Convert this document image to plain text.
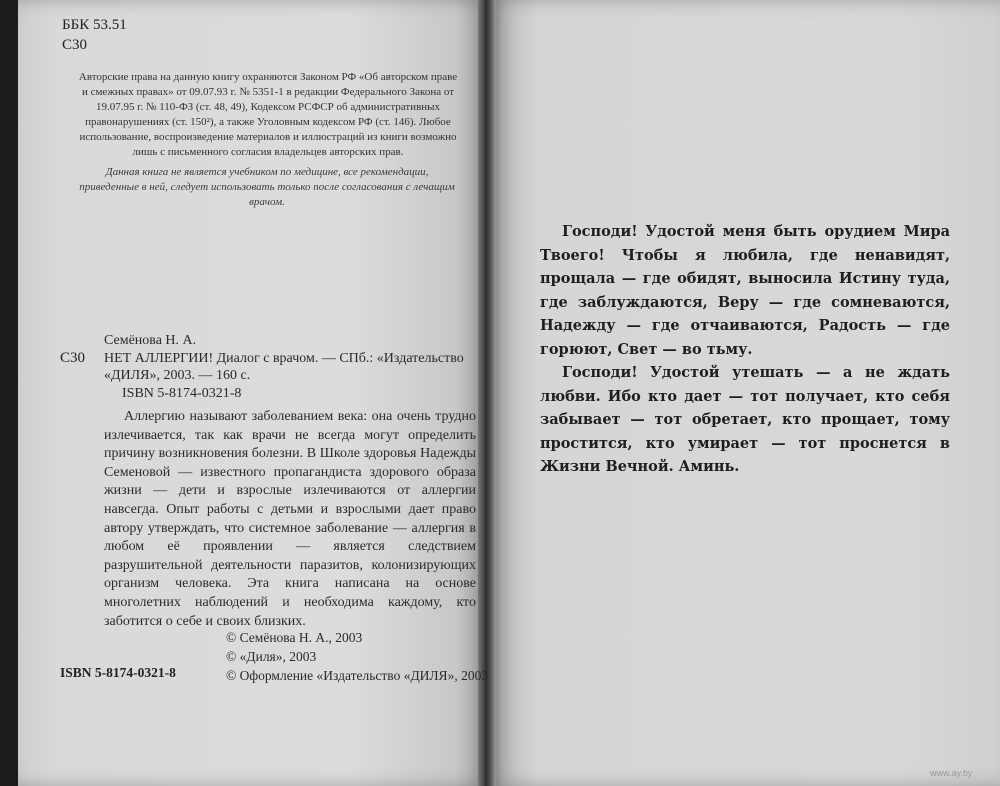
ББК 53.51
С30

Авторские права на данную книгу охраняются Законом РФ «Об авторском праве и смежных правах» от 09.07.93 г. № 5351-1 в редакции Федерального Закона от 19.07.95 г. № 110-ФЗ (ст. 48, 49), Кодексом РСФСР об административных правонарушениях (ст. 150²), а также Уголовным кодексом РФ (ст. 146). Любое использование, воспроизведение материалов и иллюстраций из книги возможно лишь с письменного согласия владельцев авторских прав.

Данная книга не является учебником по медицине, все рекомендации, приведенные в ней, следует использовать только после согласования с лечащим врачом.

Семёнова Н. А.
С30 НЕТ АЛЛЕРГИИ! Диалог с врачом. — СПб.: «Издательство «ДИЛЯ», 2003. — 160 с.
ISBN 5-8174-0321-8

Аллергию называют заболеванием века: она очень трудно излечивается, так как врачи не всегда могут определить причину возникновения болезни. В Школе здоровья Надежды Семеновой — известного пропагандиста здорового образа жизни — дети и взрослые излечиваются от аллергии навсегда. Опыт работы с детьми и взрослыми дает право автору утверждать, что системное заболевание — аллергия в любом её проявлении — является следствием разрушительной деятельности паразитов, колонизирующих организм человека. Эта книга написана на основе многолетних наблюдений и необходима каждому, кто заботится о себе и своих близких.

© Семёнова Н. А., 2003
© «Диля», 2003
© Оформление «Издательство «ДИЛЯ», 2003
ISBN 5-8174-0321-8

Господи! Удостой меня быть орудием Мира Твоего! Чтобы я любила, где ненавидят, прощала — где обидят, выносила Истину туда, где заблуждаются, Веру — где сомневаются, Надежду — где отчаиваются, Радость — где горюют, Свет — во тьму.

Господи! Удостой утешать — а не ждать любви. Ибо кто дает — тот получает, кто себя забывает — тот обретает, кто прощает, тому простится, кто умирает — тот проснется в Жизни Вечной. Аминь.

www.ay.by
